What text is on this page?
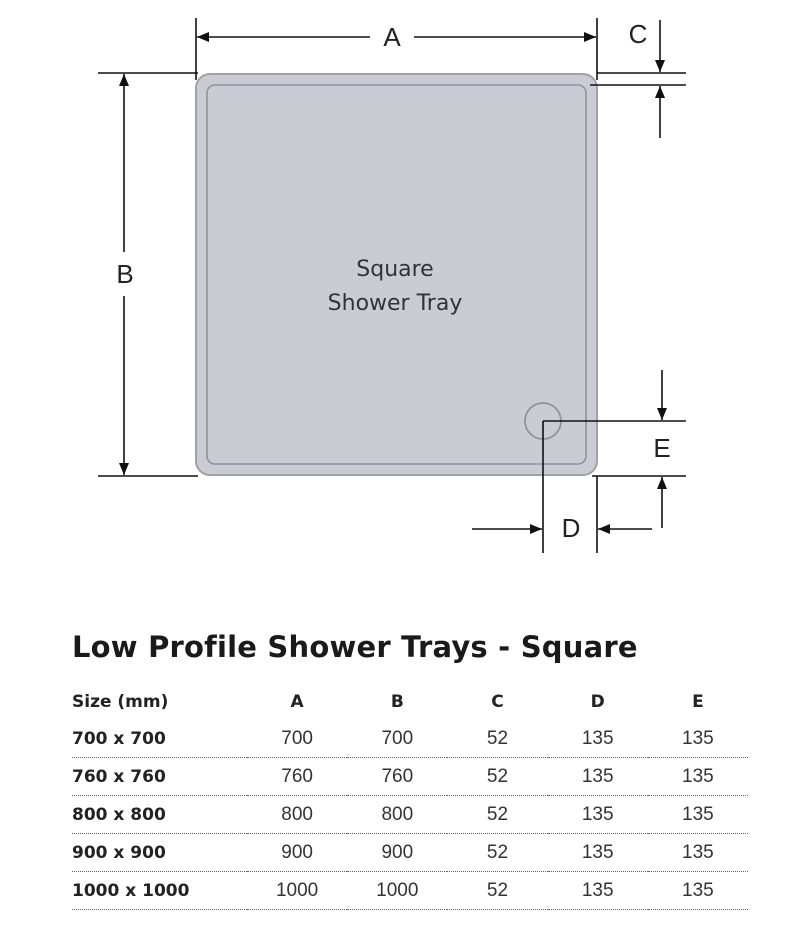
Square
Shower Tray
A
B
C
D
E
Low Profile Shower Trays - Square
Size (mm)	A	B	C	D	E
700 x 700	700	700	52	135	135
760 x 760	760	760	52	135	135
800 x 800	800	800	52	135	135
900 x 900	900	900	52	135	135
1000 x 1000	1000	1000	52	135	135
